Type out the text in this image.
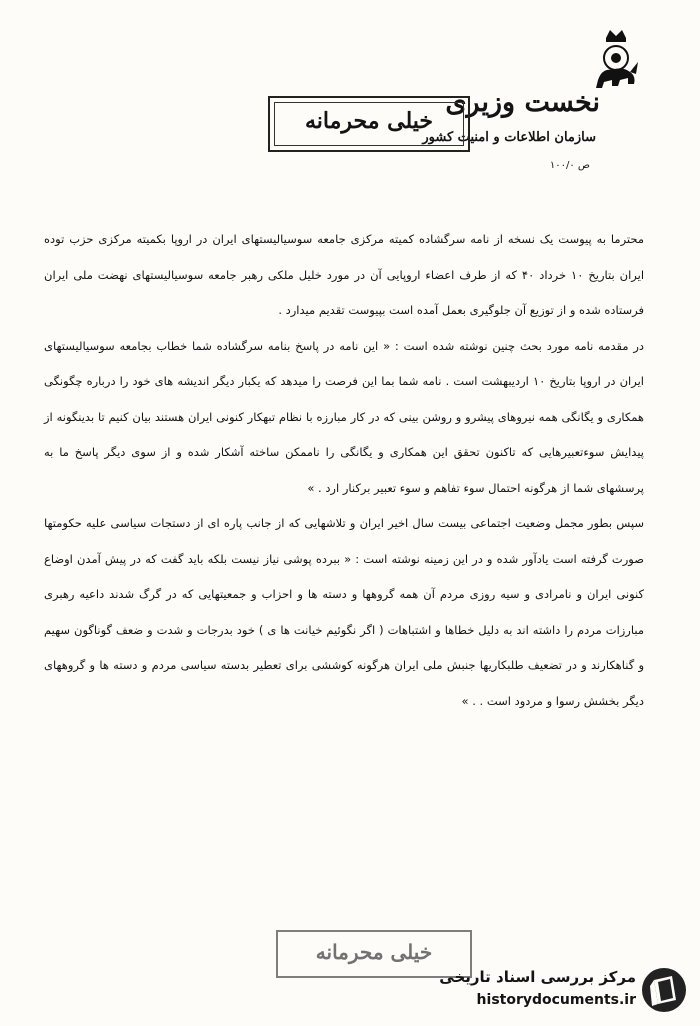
نخست وزیری
سازمان اطلاعات و امنیت کشور
ص ۱۰۰/۰
خیلی محرمانه

محترما به پیوست یک نسخه از نامه سرگشاده کمیته مرکزی جامعه سوسیالیستهای ایران در اروپا بکمیته مرکزی حزب توده ایران بتاریخ ۱۰ خرداد ۴۰ که از طرف اعضاء اروپایی آن در مورد خلیل ملکی رهبر جامعه سوسیالیستهای نهضت ملی ایران فرستاده شده و از توزیع آن جلوگیری بعمل آمده است بپیوست تقدیم میدارد .

در مقدمه نامه مورد بحث چنین نوشته شده است : « این نامه در پاسخ بنامه سرگشاده شما خطاب بجامعه سوسیالیستهای ایران در اروپا بتاریخ ۱۰ اردیبهشت است . نامه شما بما این فرصت را میدهد که یکبار دیگر اندیشه های خود را درباره چگونگی همکاری و یگانگی همه نیروهای پیشرو و روشن بینی که در کار مبارزه با نظام تبهکار کنونی ایران هستند بیان کنیم تا بدینگونه از پیدایش سوءتعبیرهایی که تاکنون تحقق این همکاری و یگانگی را ناممکن ساخته آشکار شده و از سوی دیگر پاسخ ما به پرسشهای شما از هرگونه احتمال سوء تفاهم و سوء تعبیر برکنار ارد . »

سپس بطور مجمل وضعیت اجتماعی بیست سال اخیر ایران و تلاشهایی که از جانب پاره ای از دستجات سیاسی علیه حکومتها صورت گرفته است یادآور شده و در این زمینه نوشته است : « ببرده پوشی نیاز نیست بلکه باید گفت که در پیش آمدن اوضاع کنونی ایران و نامرادی و سیه روزی مردم آن همه گروهها و دسته ها و احزاب و جمعیتهایی که در گرگ شدند داعیه رهبری مبارزات مردم را داشته اند به دلیل خطاها و اشتباهات ( اگر نگوئیم خیانت ها ی ) خود بدرجات و شدت و ضعف گوناگون سهیم و گناهکارند و در تضعیف طلبکاریها جنبش ملی ایران هرگونه کوششی برای تعطیر بدسته سیاسی مردم و دسته ها و گروههای دیگر بخشش رسوا و مردود است . . »

خیلی محرمانه
مرکز بررسی اسناد تاریخی
historydocuments.ir
